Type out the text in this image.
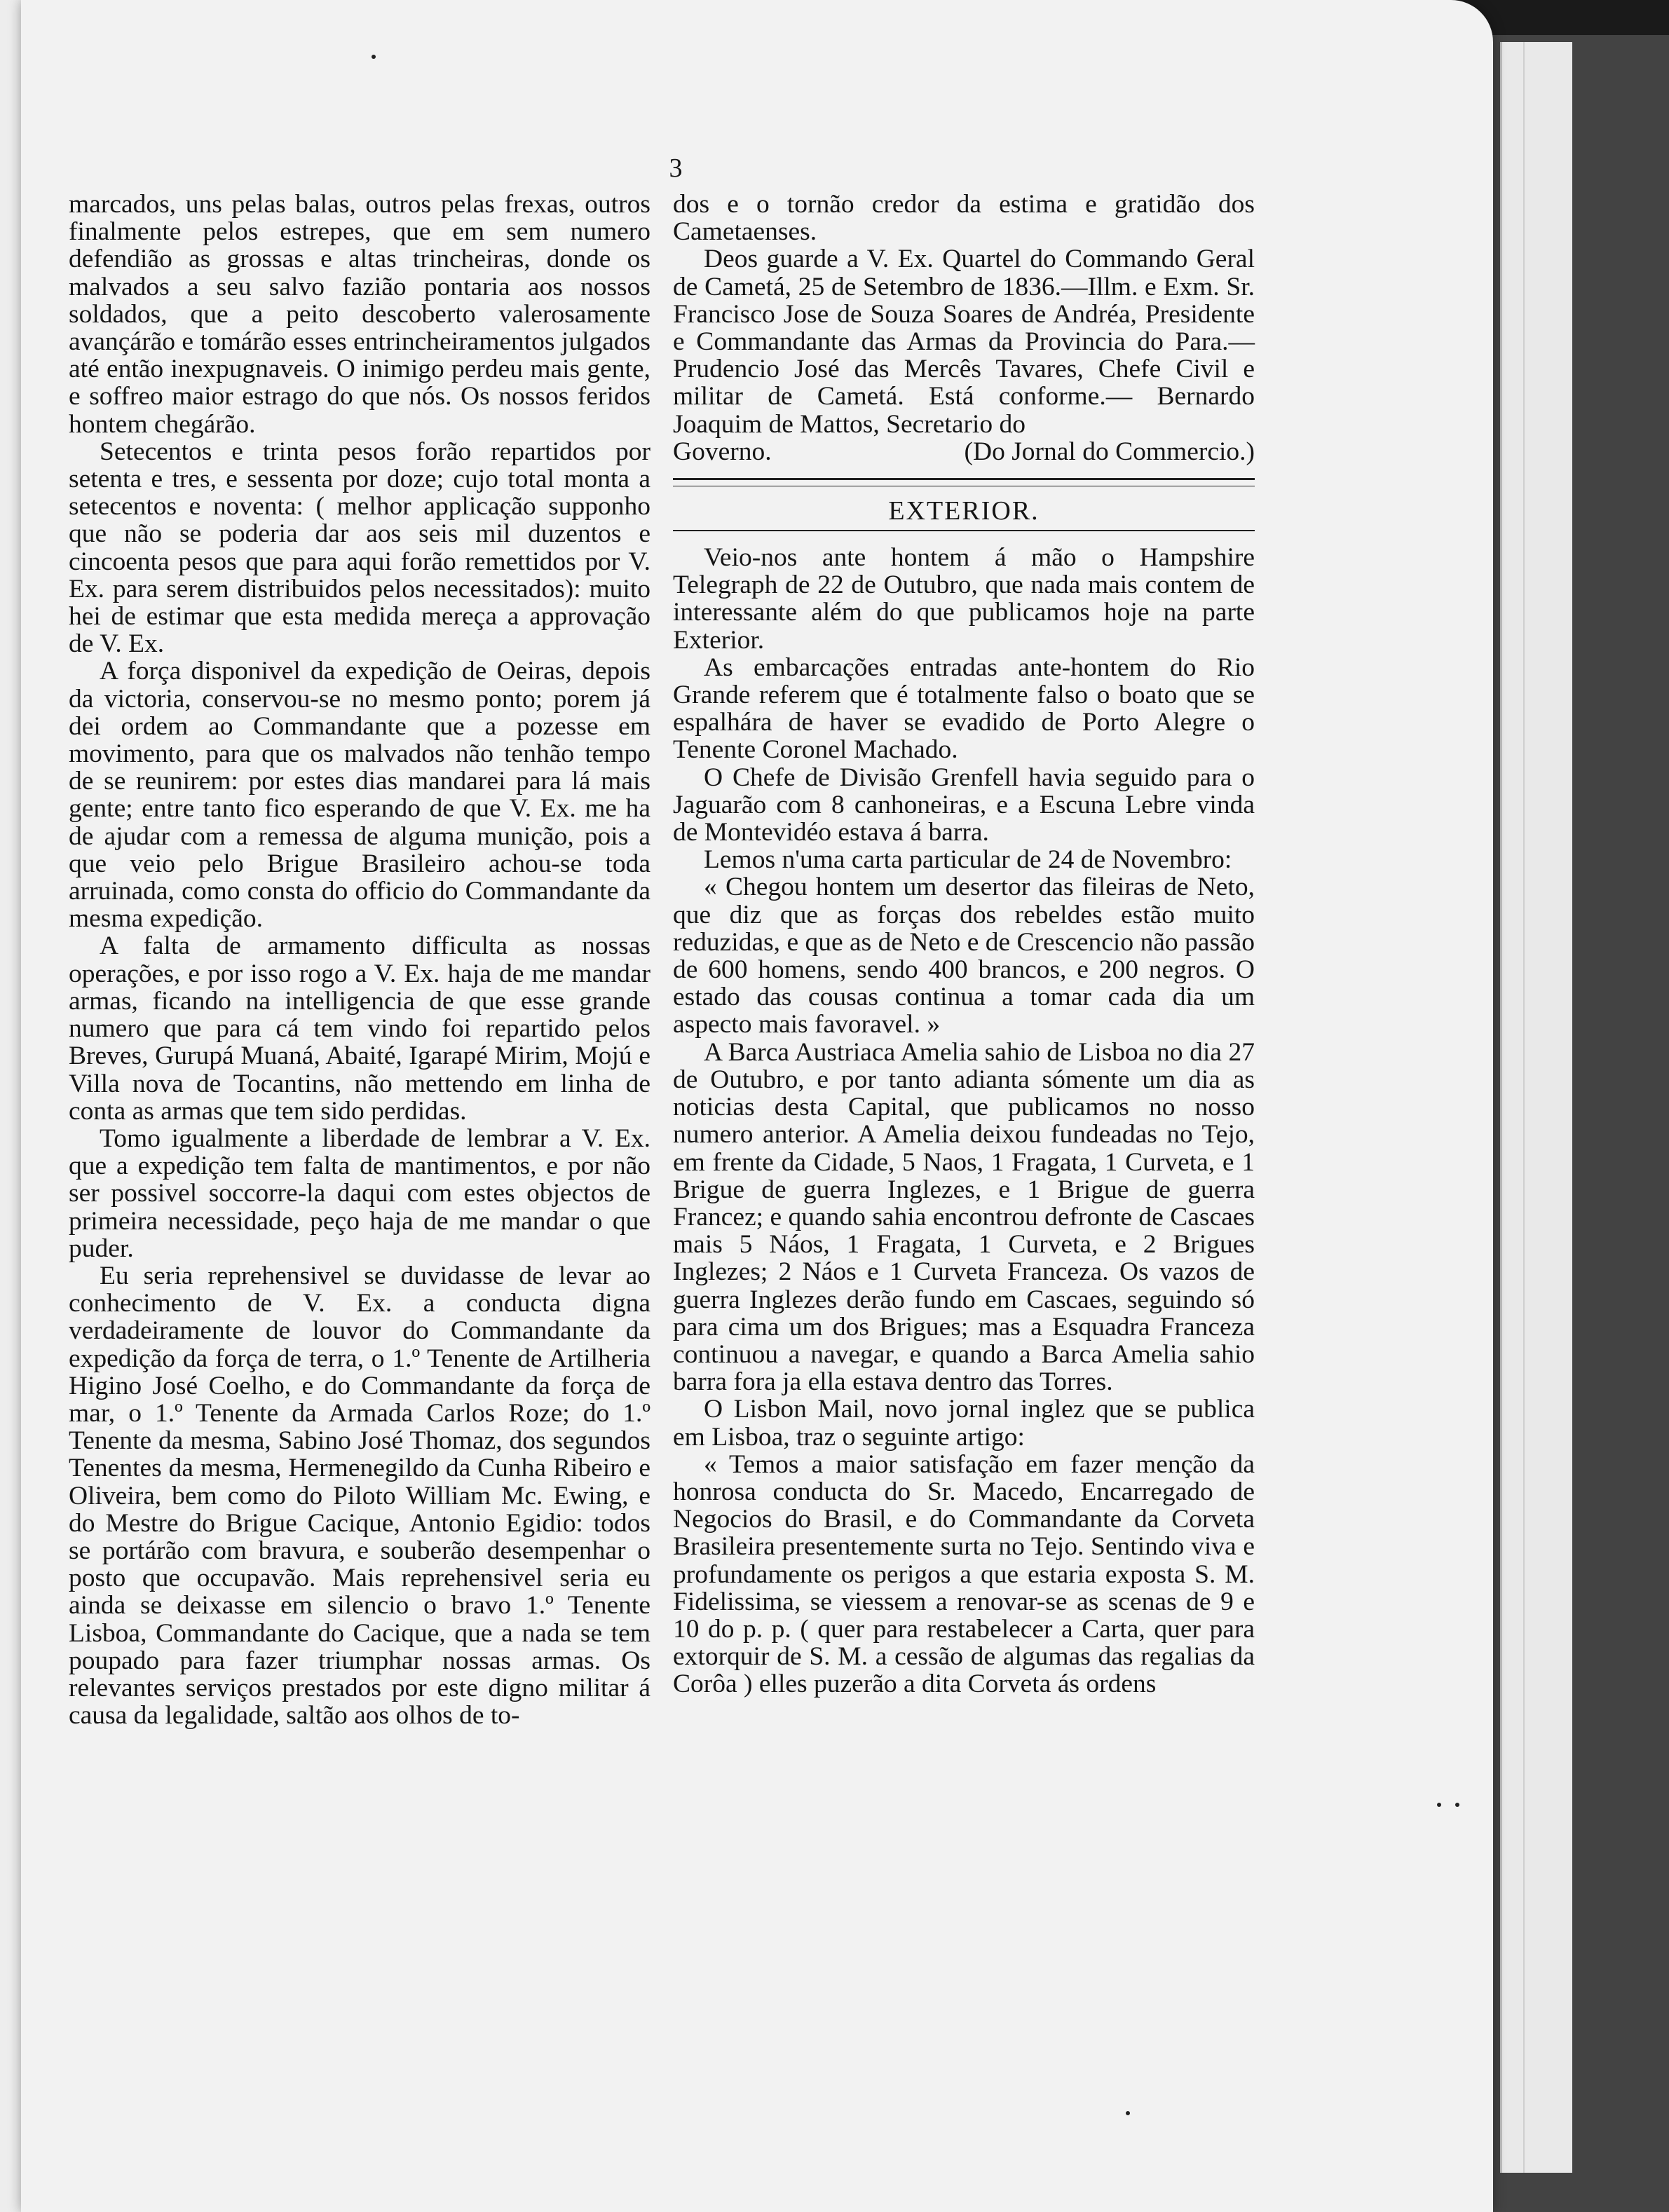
3

marcados, uns pelas balas, outros pelas frexas, outros finalmente pelos estrepes, que em sem numero defendião as grossas e altas trincheiras, donde os malvados a seu salvo fazião pontaria aos nossos soldados, que a peito descoberto valerosamente avançárão e tomárão esses entrincheiramentos julgados até então inexpugnaveis. O inimigo perdeu mais gente, e soffreo maior estrago do que nós. Os nossos feridos hontem chegárão.

Setecentos e trinta pesos forão repartidos por setenta e tres, e sessenta por doze; cujo total monta a setecentos e noventa: ( melhor applicação supponho que não se poderia dar aos seis mil duzentos e cincoenta pesos que para aqui forão remettidos por V. Ex. para serem distribuidos pelos necessitados): muito hei de estimar que esta medida mereça a approvação de V. Ex.

A força disponivel da expedição de Oeiras, depois da victoria, conservou-se no mesmo ponto; porem já dei ordem ao Commandante que a pozesse em movimento, para que os malvados não tenhão tempo de se reunirem: por estes dias mandarei para lá mais gente; entre tanto fico esperando de que V. Ex. me ha de ajudar com a remessa de alguma munição, pois a que veio pelo Brigue Brasileiro achou-se toda arruinada, como consta do officio do Commandante da mesma expedição.

A falta de armamento difficulta as nossas operações, e por isso rogo a V. Ex. haja de me mandar armas, ficando na intelligencia de que esse grande numero que para cá tem vindo foi repartido pelos Breves, Gurupá Muaná, Abaité, Igarapé Mirim, Mojú e Villa nova de Tocantins, não mettendo em linha de conta as armas que tem sido perdidas.

Tomo igualmente a liberdade de lembrar a V. Ex. que a expedição tem falta de mantimentos, e por não ser possivel soccorre-la daqui com estes objectos de primeira necessidade, peço haja de me mandar o que puder.

Eu seria reprehensivel se duvidasse de levar ao conhecimento de V. Ex. a conducta digna verdadeiramente de louvor do Commandante da expedição da força de terra, o 1.º Tenente de Artilheria Higino José Coelho, e do Commandante da força de mar, o 1.º Tenente da Armada Carlos Roze; do 1.º Tenente da mesma, Sabino José Thomaz, dos segundos Tenentes da mesma, Hermenegildo da Cunha Ribeiro e Oliveira, bem como do Piloto William Mc. Ewing, e do Mestre do Brigue Cacique, Antonio Egidio: todos se portárão com bravura, e souberão desempenhar o posto que occupavão. Mais reprehensivel seria eu ainda se deixasse em silencio o bravo 1.º Tenente Lisboa, Commandante do Cacique, que a nada se tem poupado para fazer triumphar nossas armas. Os relevantes serviços prestados por este digno militar á causa da legalidade, saltão aos olhos de to-

dos e o tornão credor da estima e gratidão dos Cametaenses.

Deos guarde a V. Ex. Quartel do Commando Geral de Cametá, 25 de Setembro de 1836.—Illm. e Exm. Sr. Francisco Jose de Souza Soares de Andréa, Presidente e Commandante das Armas da Provincia do Para.— Prudencio José das Mercês Tavares, Chefe Civil e militar de Cametá. Está conforme.— Bernardo Joaquim de Mattos, Secretario do

Governo.	(Do Jornal do Commercio.)

EXTERIOR.

Veio-nos ante hontem á mão o Hampshire Telegraph de 22 de Outubro, que nada mais contem de interessante além do que publicamos hoje na parte Exterior.

As embarcações entradas ante-hontem do Rio Grande referem que é totalmente falso o boato que se espalhára de haver se evadido de Porto Alegre o Tenente Coronel Machado.

O Chefe de Divisão Grenfell havia seguido para o Jaguarão com 8 canhoneiras, e a Escuna Lebre vinda de Montevidéo estava á barra.

Lemos n'uma carta particular de 24 de Novembro:

« Chegou hontem um desertor das fileiras de Neto, que diz que as forças dos rebeldes estão muito reduzidas, e que as de Neto e de Crescencio não passão de 600 homens, sendo 400 brancos, e 200 negros. O estado das cousas continua a tomar cada dia um aspecto mais favoravel. »

A Barca Austriaca Amelia sahio de Lisboa no dia 27 de Outubro, e por tanto adianta sómente um dia as noticias desta Capital, que publicamos no nosso numero anterior. A Amelia deixou fundeadas no Tejo, em frente da Cidade, 5 Naos, 1 Fragata, 1 Curveta, e 1 Brigue de guerra Inglezes, e 1 Brigue de guerra Francez; e quando sahia encontrou defronte de Cascaes mais 5 Náos, 1 Fragata, 1 Curveta, e 2 Brigues Inglezes; 2 Náos e 1 Curveta Franceza. Os vazos de guerra Inglezes derão fundo em Cascaes, seguindo só para cima um dos Brigues; mas a Esquadra Franceza continuou a navegar, e quando a Barca Amelia sahio barra fora ja ella estava dentro das Torres.

O Lisbon Mail, novo jornal inglez que se publica em Lisboa, traz o seguinte artigo:

« Temos a maior satisfação em fazer menção da honrosa conducta do Sr. Macedo, Encarregado de Negocios do Brasil, e do Commandante da Corveta Brasileira presentemente surta no Tejo. Sentindo viva e profundamente os perigos a que estaria exposta S. M. Fidelissima, se viessem a renovar-se as scenas de 9 e 10 do p. p. ( quer para restabelecer a Carta, quer para extorquir de S. M. a cessão de algumas das regalias da Corôa ) elles puzerão a dita Corveta ás ordens
